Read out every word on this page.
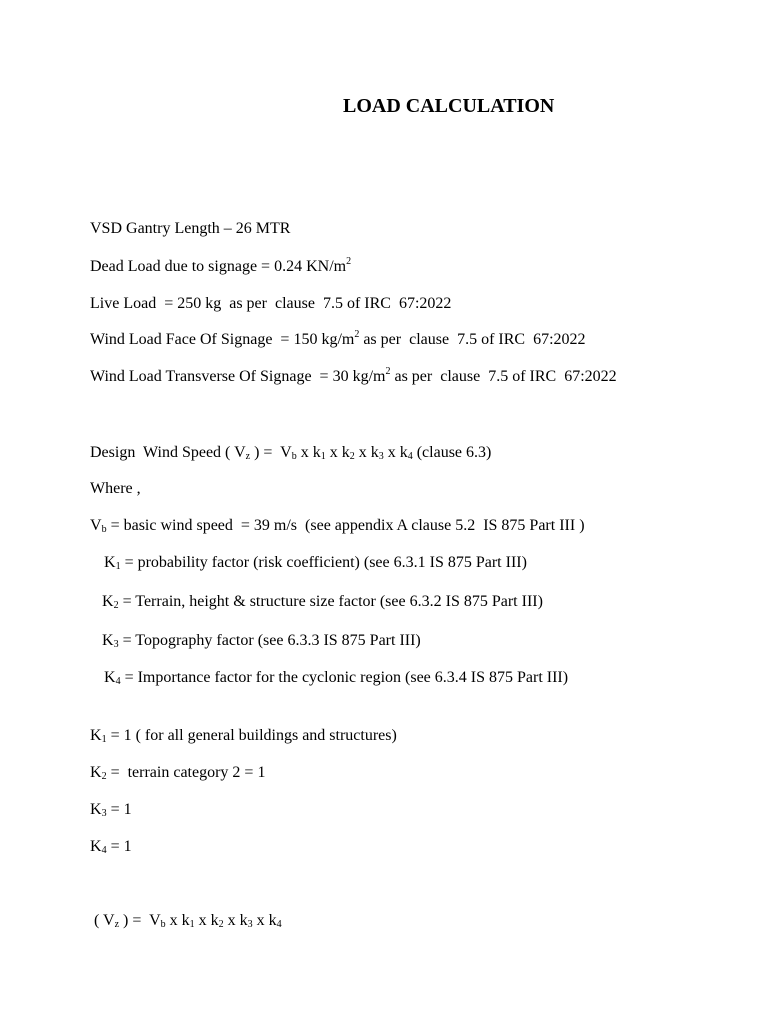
LOAD CALCULATION
VSD Gantry Length – 26 MTR
Dead Load due to signage = 0.24 $KN/m^2$
Live Load  = 250 kg  as per  clause  7.5 of IRC  67:2022
Wind Load Face Of Signage  = 150 $kg/m^2$ as per  clause  7.5 of IRC  67:2022
Wind Load Transverse Of Signage  = 30 $kg/m^2$ as per  clause  7.5 of IRC  67:2022
Design  Wind Speed ( $V_z$ ) =  $V_b$ x $k_1$ x $k_2$ x $k_3$ x $k_4$ (clause 6.3)
Where ,
$V_b$ = basic wind speed  = 39 m/s  (see appendix A clause 5.2  IS 875 Part III )
$K_1$ = probability factor (risk coefficient) (see 6.3.1 IS 875 Part III)
$K_2$ = Terrain, height & structure size factor (see 6.3.2 IS 875 Part III)
$K_3$ = Topography factor (see 6.3.3 IS 875 Part III)
$K_4$ = Importance factor for the cyclonic region (see 6.3.4 IS 875 Part III)
$K_1 = 1$ ( for all general buildings and structures)
$K_2$ =  terrain category 2 = 1
$K_3 = 1$
$K_4 = 1$
( $V_z$ ) =  $V_b$ x $k_1$ x $k_2$ x $k_3$ x $k_4$
